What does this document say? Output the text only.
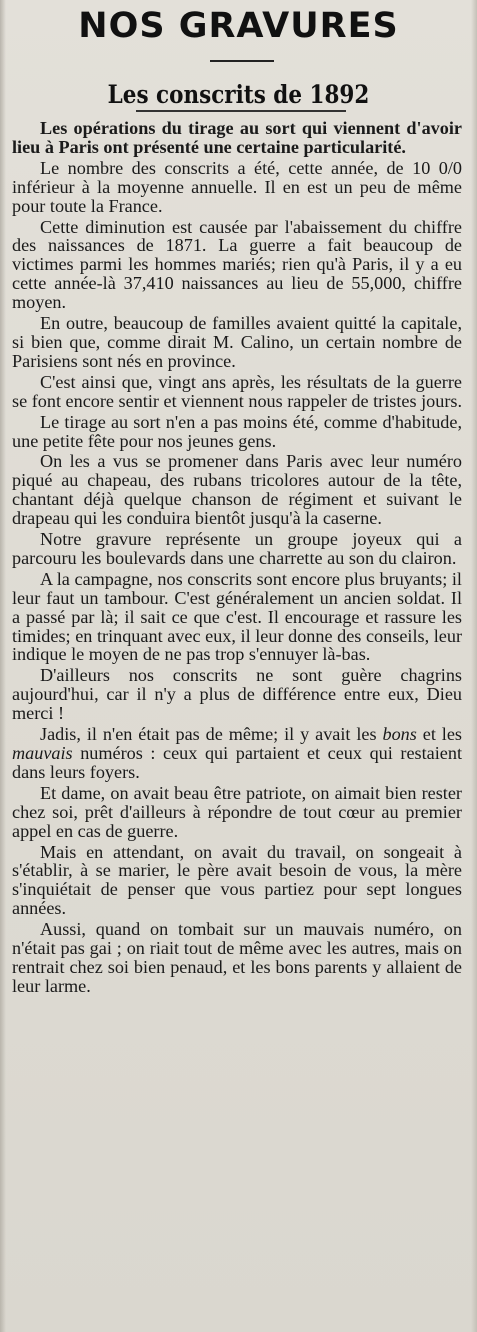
NOS GRAVURES
Les conscrits de 1892

Les opérations du tirage au sort qui viennent d'avoir lieu à Paris ont présenté une certaine particularité.

Le nombre des conscrits a été, cette année, de 10 0/0 inférieur à la moyenne annuelle. Il en est un peu de même pour toute la France.

Cette diminution est causée par l'abaissement du chiffre des naissances de 1871. La guerre a fait beaucoup de victimes parmi les hommes mariés; rien qu'à Paris, il y a eu cette année-là 37,410 naissances au lieu de 55,000, chiffre moyen.

En outre, beaucoup de familles avaient quitté la capitale, si bien que, comme dirait M. Calino, un certain nombre de Parisiens sont nés en province.

C'est ainsi que, vingt ans après, les résultats de la guerre se font encore sentir et viennent nous rappeler de tristes jours.

Le tirage au sort n'en a pas moins été, comme d'habitude, une petite fête pour nos jeunes gens.

On les a vus se promener dans Paris avec leur numéro piqué au chapeau, des rubans tricolores autour de la tête, chantant déjà quelque chanson de régiment et suivant le drapeau qui les conduira bientôt jusqu'à la caserne.

Notre gravure représente un groupe joyeux qui a parcouru les boulevards dans une charrette au son du clairon.

A la campagne, nos conscrits sont encore plus bruyants; il leur faut un tambour. C'est généralement un ancien soldat. Il a passé par là; il sait ce que c'est. Il encourage et rassure les timides; en trinquant avec eux, il leur donne des conseils, leur indique le moyen de ne pas trop s'ennuyer là-bas.

D'ailleurs nos conscrits ne sont guère chagrins aujourd'hui, car il n'y a plus de différence entre eux, Dieu merci !

Jadis, il n'en était pas de même; il y avait les bons et les mauvais numéros : ceux qui partaient et ceux qui restaient dans leurs foyers.

Et dame, on avait beau être patriote, on aimait bien rester chez soi, prêt d'ailleurs à répondre de tout cœur au premier appel en cas de guerre.

Mais en attendant, on avait du travail, on songeait à s'établir, à se marier, le père avait besoin de vous, la mère s'inquiétait de penser que vous partiez pour sept longues années.

Aussi, quand on tombait sur un mauvais numéro, on n'était pas gai ; on riait tout de même avec les autres, mais on rentrait chez soi bien penaud, et les bons parents y allaient de leur larme.
